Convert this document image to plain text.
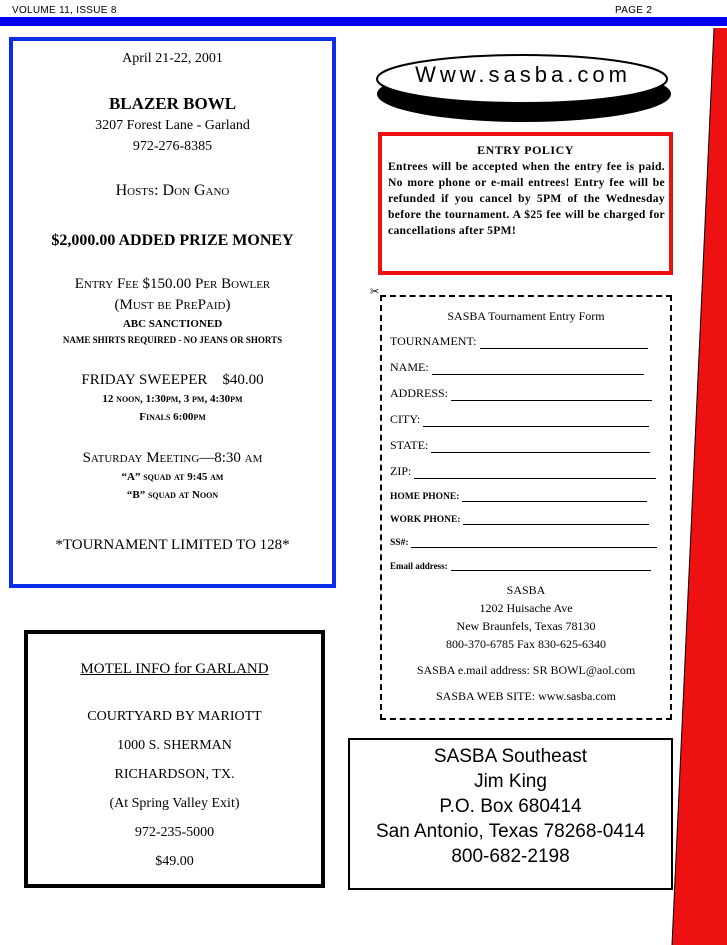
VOLUME 11, ISSUE 8	PAGE 2

April 21-22, 2001

BLAZER BOWL

3207 Forest Lane - Garland

972-276-8385

Hosts: Don Gano

$2,000.00 ADDED PRIZE MONEY

Entry Fee $150.00 Per Bowler

(Must be PrePaid)

ABC SANCTIONED

NAME SHIRTS REQUIRED - NO JEANS OR SHORTS

FRIDAY SWEEPER    $40.00

12 noon, 1:30pm, 3 pm, 4:30pm

Finals 6:00pm

Saturday Meeting—8:30 am

“A” squad at 9:45 am

“B” squad at Noon

*TOURNAMENT LIMITED TO 128*

MOTEL INFO for GARLAND
COURTYARD BY MARIOTT
1000 S. SHERMAN
RICHARDSON, TX.
(At Spring Valley Exit)
972-235-5000
$49.00
Www.sasba.com
ENTRY POLICY
Entrees will be accepted when the entry fee is paid. No more phone or e-mail entrees! Entry fee will be refunded if you cancel by 5PM of the Wednesday before the tournament. A $25 fee will be charged for cancellations after 5PM!
✂
SASBA Tournament Entry Form
TOURNAMENT:
NAME:
ADDRESS:
CITY:
STATE:
ZIP:
HOME PHONE:
WORK PHONE:
SS#:
Email address:
SASBA
1202 Huisache Ave
New Braunfels, Texas 78130
800-370-6785 Fax 830-625-6340
SASBA e.mail address: SR BOWL@aol.com
SASBA WEB SITE: www.sasba.com
SASBA Southeast
Jim King
P.O. Box 680414
San Antonio, Texas 78268-0414
800-682-2198
